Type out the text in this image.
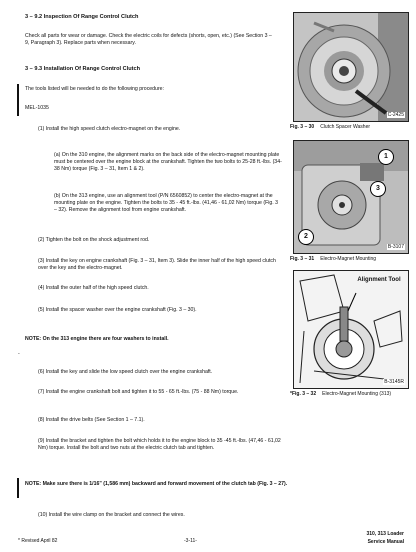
3 – 9.2 Inspection Of Range Control Clutch
Check all parts for wear or damage. Check the electric coils for defects (shorts, open, etc.) (See Section 3 – 9, Paragraph 3). Replace parts when necessary.
3 – 9.3 Installation Of Range Control Clutch
The tools listed will be needed to do the following procedure:
MEL-1035
(1) Install the high speed clutch electro-magnet on the engine.
(a) On the 310 engine, the alignment marks on the back side of the electro-magnet mounting plate must be centered over the engine block at the crankshaft. Tighten the two bolts to 25-28 ft.-lbs. (34-38 Nm) torque (Fig. 3 – 31, Item 1 & 2).
(b) On the 313 engine, use an alignment tool (P/N 6560852) to center the electro-magnet at the mounting plate on the engine. Tighten the bolts to 35 - 45 ft.-lbs. (41,46 - 61,02 Nm) torque (Fig. 3 – 32). Remove the alignment tool from engine crankshaft.
(2) Tighten the bolt on the shock adjustment rod.
(3) Install the key on engine crankshaft (Fig. 3 – 31, Item 3). Slide the inner half of the high speed clutch over the key and the electro-magnet.
(4) Install the outer half of the high speed clutch.
(5) Install the spacer washer over the engine crankshaft (Fig. 3 – 30).
NOTE: On the 313 engine there are four washers to install.
-
(6) Install the key and slide the low speed clutch over the engine crankshaft.
(7) Install the engine crankshaft bolt and tighten it to 55 - 65 ft.-lbs. (75 - 88 Nm) torque.
(8) Install the drive belts (See Section 1 – 7.1).
(9) Install the bracket and tighten the bolt which holds it to the engine block to 35 -45 ft.-lbs. (47,46 - 61,02 Nm) torque. Install the bolt and two nuts at the electric clutch tab and tighten.
NOTE: Make sure there is 1/16" (1,586 mm) backward and forward movement of the clutch tab (Fig. 3 – 27).
(10) Install the wire clamp on the bracket and connect the wires.
C-2425
Fig. 3 – 30 Clutch Spacer Washer
1
3
2
B-3107
Fig. 3 – 31 Electro-Magnet Mounting
Alignment Tool
B-3145R
*Fig. 3 – 32 Electro-Magnet Mounting (313)
* Revised April 82	-3-11-
310, 313 Loader
Service Manual
